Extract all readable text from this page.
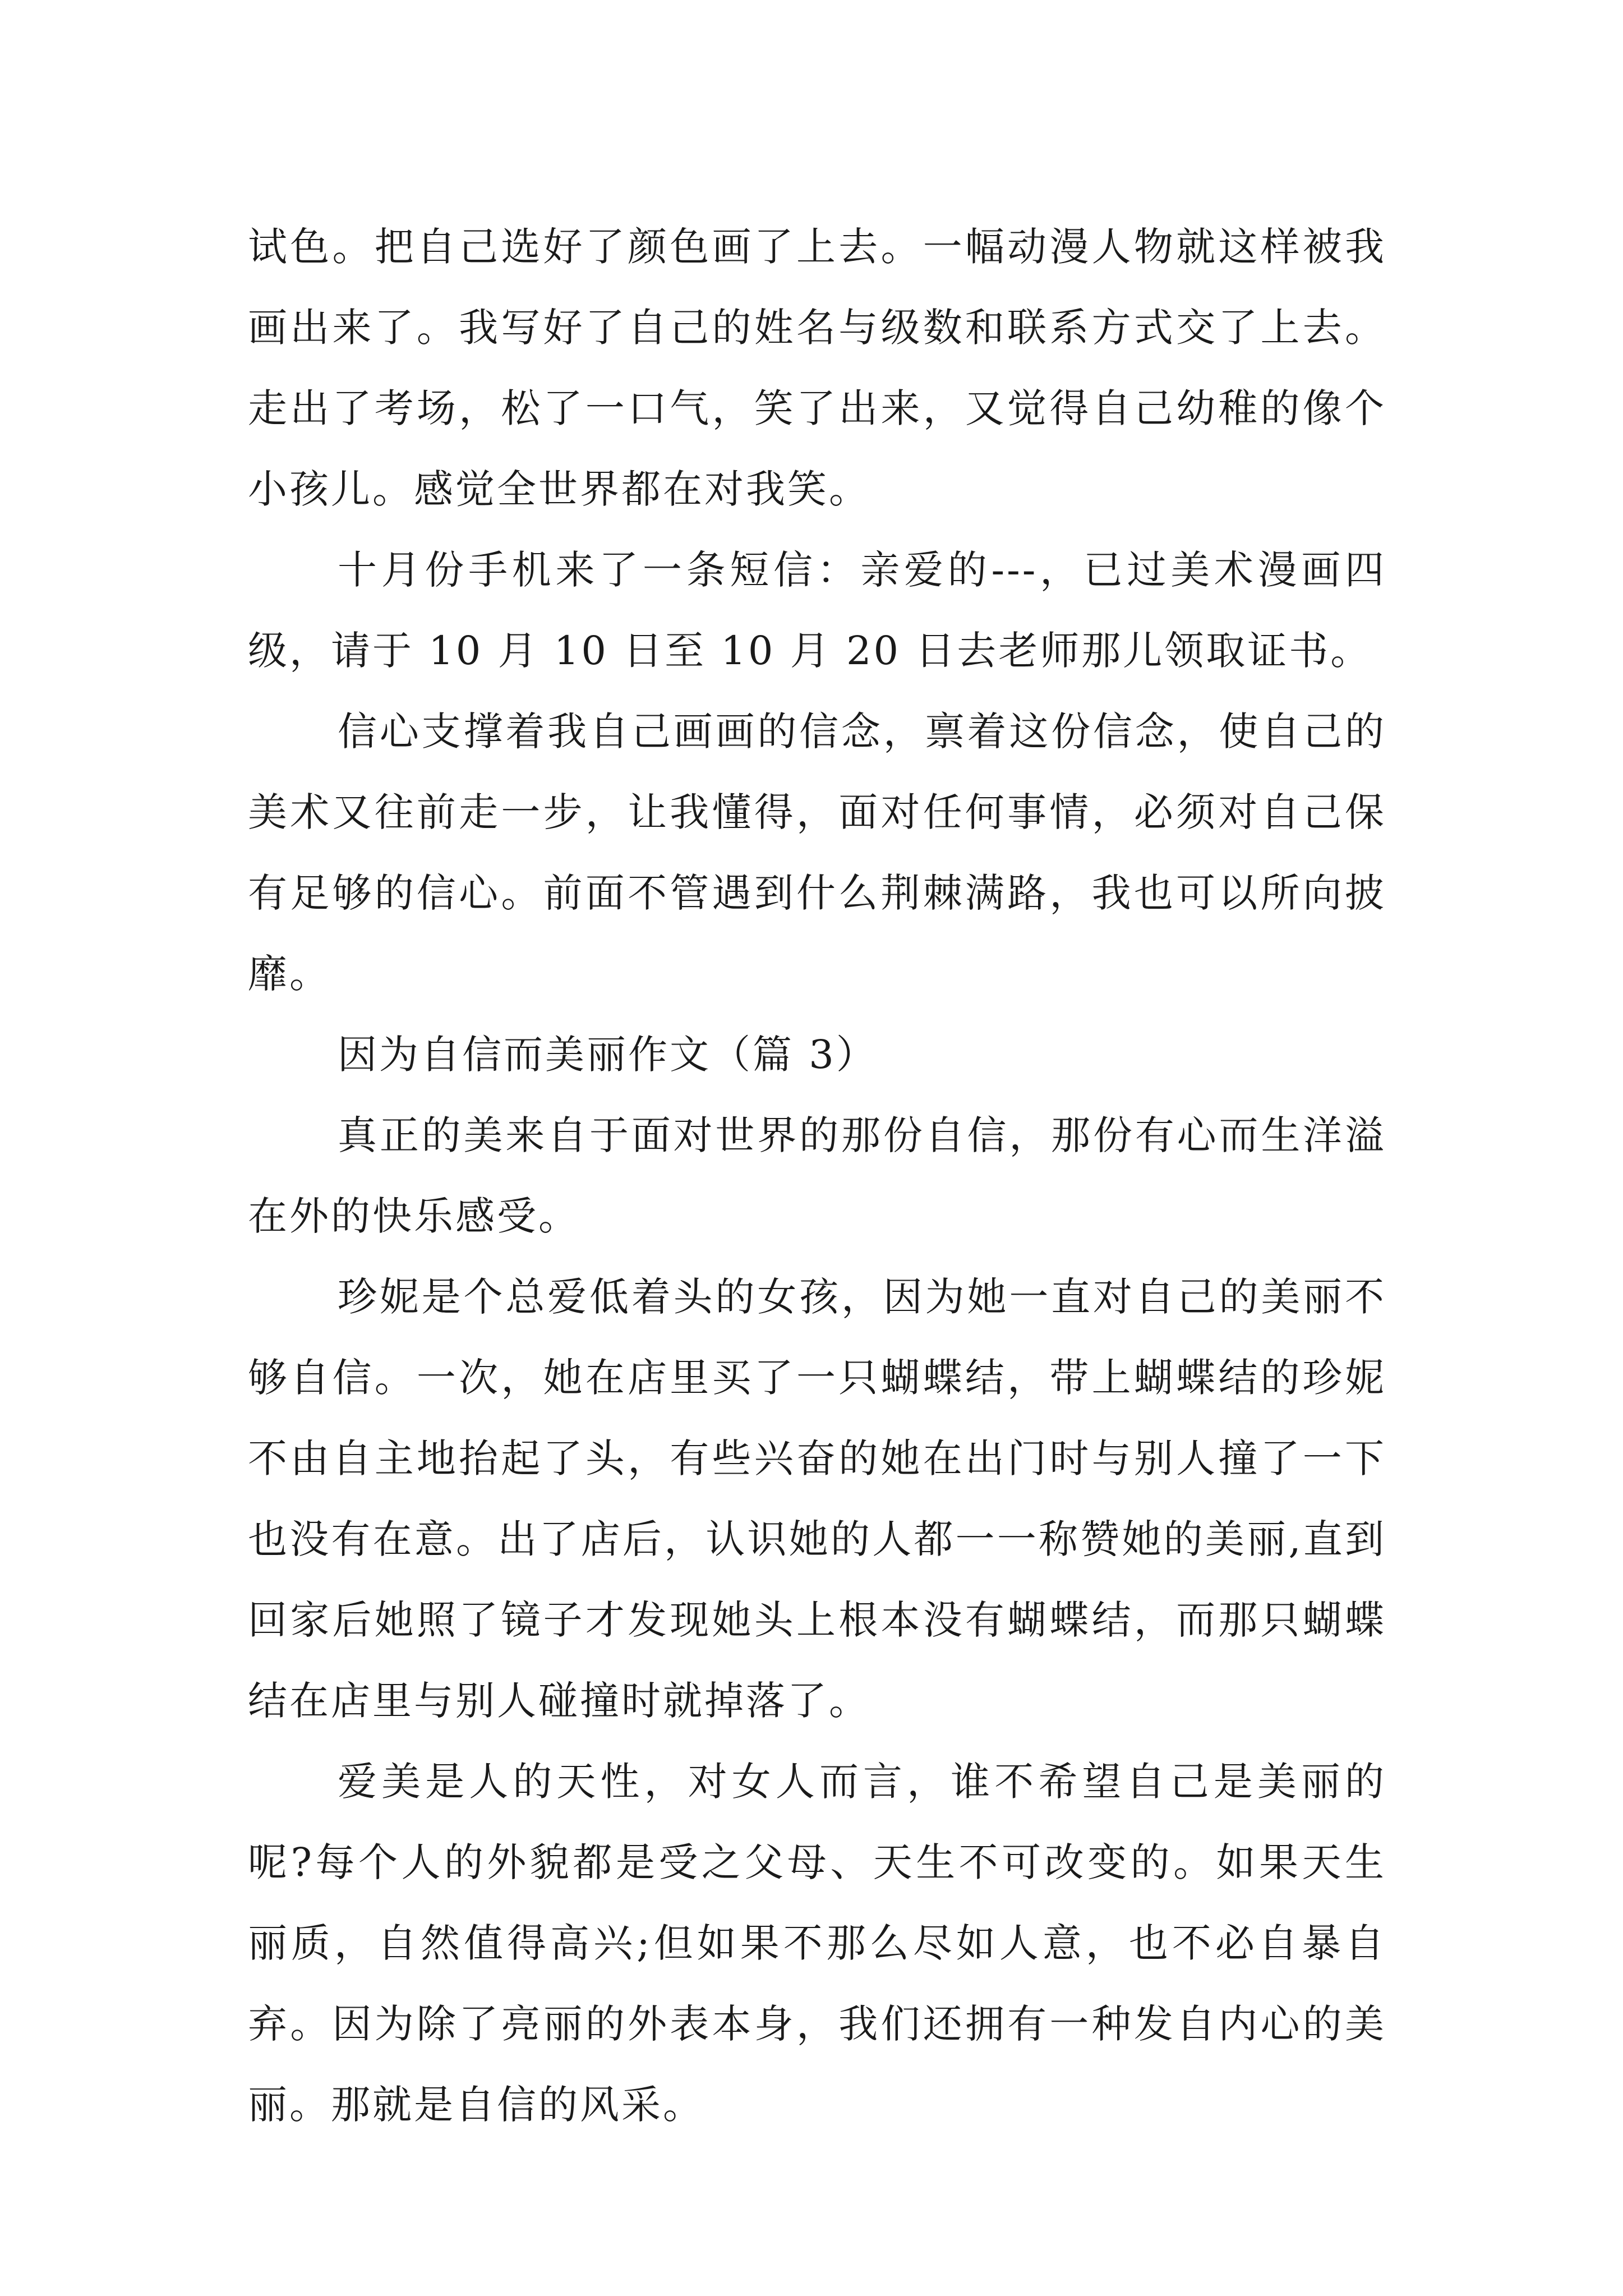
试色。把自己选好了颜色画了上去。一幅动漫人物就这样被我画出来了。我写好了自己的姓名与级数和联系方式交了上去。走出了考场，松了一口气，笑了出来，又觉得自己幼稚的像个小孩儿。感觉全世界都在对我笑。

十月份手机来了一条短信：亲爱的---，已过美术漫画四级，请于 10 月 10 日至 10 月 20 日去老师那儿领取证书。

信心支撑着我自己画画的信念，禀着这份信念，使自己的美术又往前走一步，让我懂得，面对任何事情，必须对自己保有足够的信心。前面不管遇到什么荆棘满路，我也可以所向披靡。

因为自信而美丽作文（篇 3）

真正的美来自于面对世界的那份自信，那份有心而生洋溢在外的快乐感受。

珍妮是个总爱低着头的女孩，因为她一直对自己的美丽不够自信。一次，她在店里买了一只蝴蝶结，带上蝴蝶结的珍妮不由自主地抬起了头，有些兴奋的她在出门时与别人撞了一下也没有在意。出了店后，认识她的人都一一称赞她的美丽,直到回家后她照了镜子才发现她头上根本没有蝴蝶结，而那只蝴蝶结在店里与别人碰撞时就掉落了。

爱美是人的天性，对女人而言，谁不希望自己是美丽的呢?每个人的外貌都是受之父母、天生不可改变的。如果天生丽质，自然值得高兴;但如果不那么尽如人意，也不必自暴自弃。因为除了亮丽的外表本身，我们还拥有一种发自内心的美丽。那就是自信的风采。
